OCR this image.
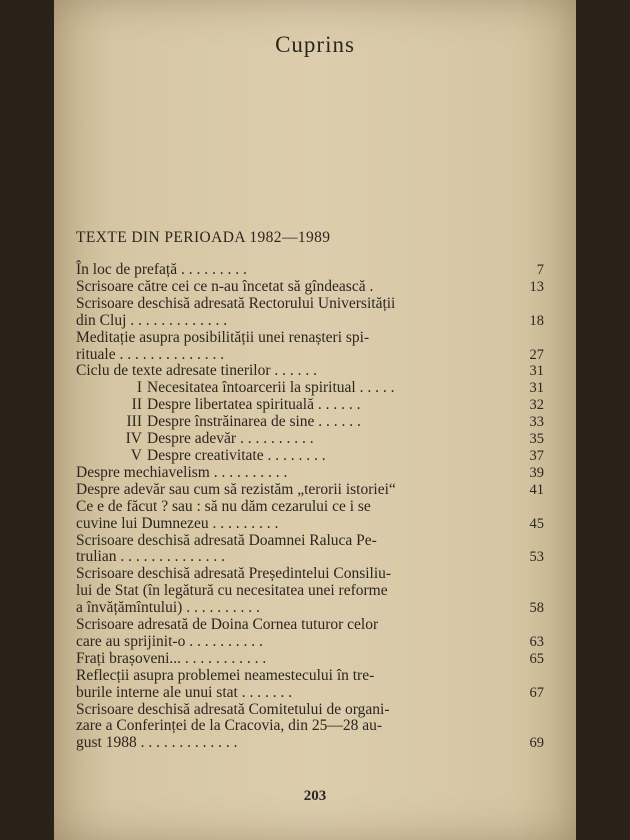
Cuprins
TEXTE DIN PERIOADA 1982—1989
În loc de prefață . . . . . . . . .	7
Scrisoare către cei ce n-au încetat să gîndească .	13
Scrisoare deschisă adresată Rectorului Universității
din Cluj . . . . . . . . . . . . .	18
Meditație asupra posibilității unei renașteri spi-
rituale . . . . . . . . . . . . . .	27
Ciclu de texte adresate tinerilor . . . . . .	31
I Necesitatea întoarcerii la spiritual . . . . .	31
II Despre libertatea spirituală . . . . . .	32
III Despre înstrăinarea de sine . . . . . .	33
IV Despre adevăr . . . . . . . . . .	35
V Despre creativitate . . . . . . . .	37
Despre mechiavelism . . . . . . . . . .	39
Despre adevăr sau cum să rezistăm „terorii istoriei“	41
Ce e de făcut ? sau : să nu dăm cezarului ce i se
cuvine lui Dumnezeu . . . . . . . . .	45
Scrisoare deschisă adresată Doamnei Raluca Pe-
trulian . . . . . . . . . . . . . .	53
Scrisoare deschisă adresată Președintelui Consiliu-
lui de Stat (în legătură cu necesitatea unei reforme
a învățămîntului) . . . . . . . . . .	58
Scrisoare adresată de Doina Cornea tuturor celor
care au sprijinit-o . . . . . . . . . .	63
Frați brașoveni... . . . . . . . . . . .	65
Reflecții asupra problemei neamestecului în tre-
burile interne ale unui stat . . . . . . .	67
Scrisoare deschisă adresată Comitetului de organi-
zare a Conferinței de la Cracovia, din 25—28 au-
gust 1988 . . . . . . . . . . . . .	69
203
